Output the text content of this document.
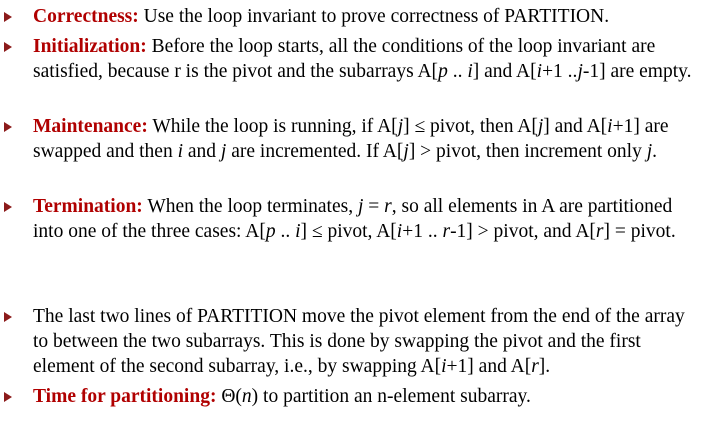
Correctness: Use the loop invariant to prove correctness of PARTITION.

Initialization: Before the loop starts, all the conditions of the loop invariant are satisfied, because r is the pivot and the subarrays A[p .. i] and A[i+1 ..j-1] are empty.

Maintenance: While the loop is running, if A[j] ≤ pivot, then A[j] and A[i+1] are swapped and then i and j are incremented. If A[j] > pivot, then increment only j.

Termination: When the loop terminates, j = r, so all elements in A are partitioned into one of the three cases: A[p .. i] ≤ pivot, A[i+1 .. r-1] > pivot, and A[r] = pivot.

The last two lines of PARTITION move the pivot element from the end of the array to between the two subarrays. This is done by swapping the pivot and the first element of the second subarray, i.e., by swapping A[i+1] and A[r].

Time for partitioning: Θ(n) to partition an n-element subarray.
